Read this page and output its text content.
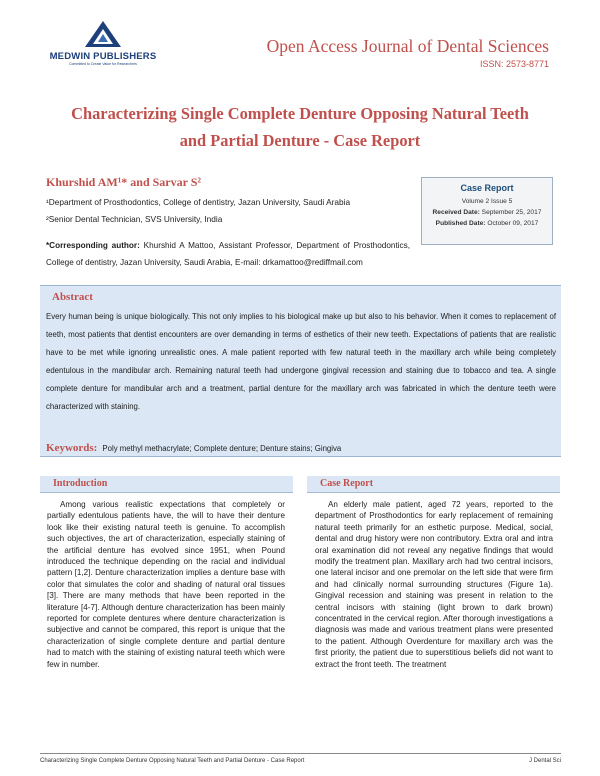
MEDWIN PUBLISHERS
Committed to Create Value for Researchers
Open Access Journal of Dental Sciences
ISSN: 2573-8771
Characterizing Single Complete Denture Opposing Natural Teeth
and Partial Denture - Case Report
Khurshid AM¹* and Sarvar S²
¹Department of Prosthodontics, College of dentistry, Jazan University, Saudi Arabia
²Senior Dental Technician, SVS University, India
*Corresponding author: Khurshid A Mattoo, Assistant Professor, Department of Prosthodontics, College of dentistry, Jazan University, Saudi Arabia, E-mail: drkamattoo@rediffmail.com
Case Report
Volume 2 Issue 5
Received Date: September 25, 2017
Published Date: October 09, 2017
Abstract
Every human being is unique biologically. This not only implies to his biological make up but also to his behavior. When it comes to replacement of teeth, most patients that dentist encounters are over demanding in terms of esthetics of their new teeth. Expectations of patients that are realistic have to be met while ignoring unrealistic ones. A male patient reported with few natural teeth in the maxillary arch while being completely edentulous in the mandibular arch. Remaining natural teeth had undergone gingival recession and staining due to tobacco and tea. A single complete denture for mandibular arch and a treatment, partial denture for the maxillary arch was fabricated in which the denture teeth were characterized with staining.
Keywords: Poly methyl methacrylate; Complete denture; Denture stains; Gingiva
Introduction	Case Report
Among various realistic expectations that completely or partially edentulous patients have, the will to have their denture look like their existing natural teeth is genuine. To accomplish such objectives, the art of characterization, especially staining of the artificial denture has evolved since 1951, when Pound introduced the technique depending on the racial and individual pattern [1,2]. Denture characterization implies a denture base with color that simulates the color and shading of natural oral tissues [3]. There are many methods that have been reported in the literature [4-7]. Although denture characterization has been mainly reported for complete dentures where denture characterization is subjective and cannot be compared, this report is unique that the characterization of single complete denture and partial denture had to match with the staining of existing natural teeth which were few in number.
An elderly male patient, aged 72 years, reported to the department of Prosthodontics for early replacement of remaining natural teeth primarily for an esthetic purpose. Medical, social, dental and drug history were non contributory. Extra oral and intra oral examination did not reveal any negative findings that would modify the treatment plan. Maxillary arch had two central incisors, one lateral incisor and one premolar on the left side that were firm and had clinically normal surrounding structures (Figure 1a). Gingival recession and staining was present in relation to the central incisors with staining (light brown to dark brown) concentrated in the cervical region. After thorough investigations a diagnosis was made and various treatment plans were presented to the patient. Although Overdenture for maxillary arch was the first priority, the patient due to superstitious beliefs did not want to extract the front teeth. The treatment
Characterizing Single Complete Denture Opposing Natural Teeth and Partial Denture - Case Report	J Dental Sci
